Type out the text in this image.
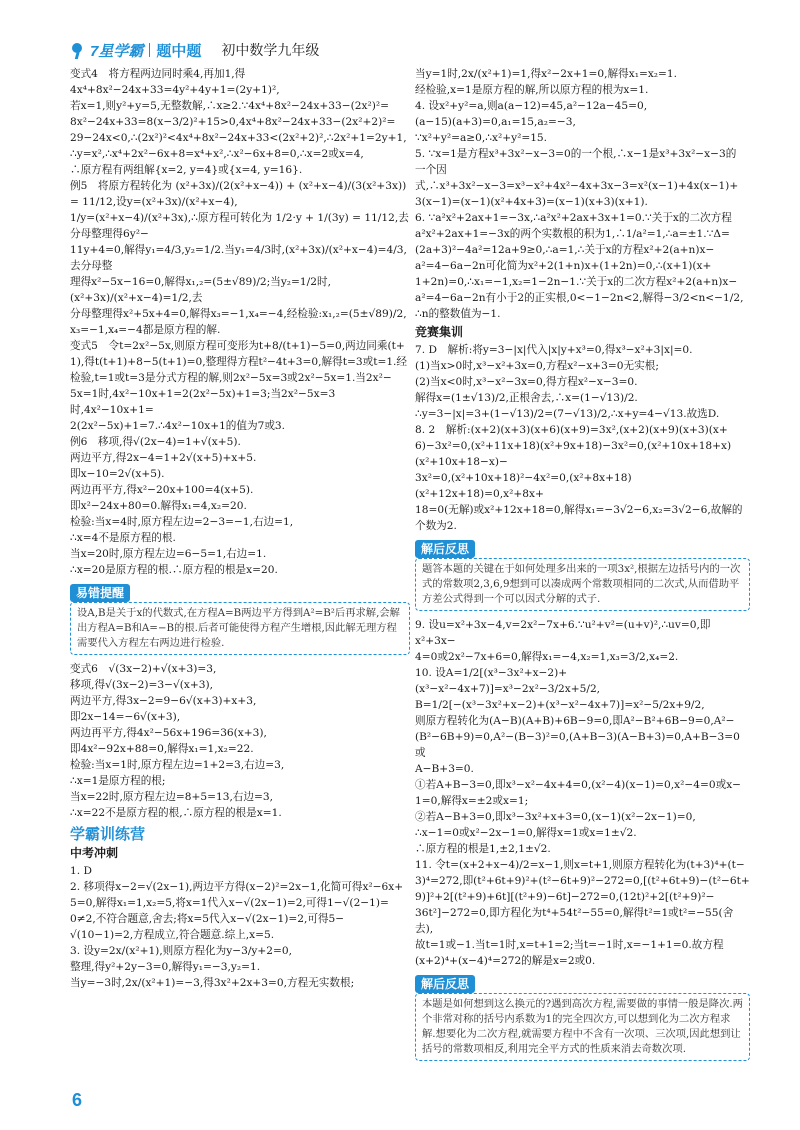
7星学霸 题中题 初中数学九年级

变式4　将方程两边同时乘4,再加1,得

4x⁴+8x²−24x+33=4y²+4y+1=(2y+1)²,

若x=1,则y²+y=5,无整数解,∴x≥2.∵4x⁴+8x²−24x+33−(2x²)²=

8x²−24x+33=8(x−3/2)²+15>0,4x⁴+8x²−24x+33−(2x²+2)²=

29−24x<0,∴(2x²)²<4x⁴+8x²−24x+33<(2x²+2)²,∴2x²+1=2y+1,

∴y=x²,∴x⁴+2x²−6x+8=x⁴+x²,∴x²−6x+8=0,∴x=2或x=4,

∴原方程有两组解{x=2, y=4}或{x=4, y=16}.

例5　将原方程转化为 (x²+3x)/(2(x²+x−4)) + (x²+x−4)/(3(x²+3x)) = 11/12,设y=(x²+3x)/(x²+x−4),

1/y=(x²+x−4)/(x²+3x),∴原方程可转化为 1/2·y + 1/(3y) = 11/12,去分母整理得6y²−

11y+4=0,解得y₁=4/3,y₂=1/2.当y₁=4/3时,(x²+3x)/(x²+x−4)=4/3,去分母整

理得x²−5x−16=0,解得x₁,₂=(5±√89)/2;当y₂=1/2时,(x²+3x)/(x²+x−4)=1/2,去

分母整理得x²+5x+4=0,解得x₃=−1,x₄=−4,经检验:x₁,₂=(5±√89)/2,

x₃=−1,x₄=−4都是原方程的解.

变式5　令t=2x²−5x,则原方程可变形为t+8/(t+1)−5=0,两边同乘(t+

1),得t(t+1)+8−5(t+1)=0,整理得方程t²−4t+3=0,解得t=3或t=1.经

检验,t=1或t=3是分式方程的解,则2x²−5x=3或2x²−5x=1.当2x²−

5x=1时,4x²−10x+1=2(2x²−5x)+1=3;当2x²−5x=3时,4x²−10x+1=

2(2x²−5x)+1=7.∴4x²−10x+1的值为7或3.

例6　移项,得√(2x−4)=1+√(x+5).

两边平方,得2x−4=1+2√(x+5)+x+5.

即x−10=2√(x+5).

两边再平方,得x²−20x+100=4(x+5).

即x²−24x+80=0.解得x₁=4,x₂=20.

检验:当x=4时,原方程左边=2−3=−1,右边=1,

∴x=4不是原方程的根.

当x=20时,原方程左边=6−5=1,右边=1.

∴x=20是原方程的根.∴原方程的根是x=20.

易错提醒
设A,B是关于x的代数式,在方程A=B两边平方得到A²=B²后再求解,会解出方程A=B和A=−B的根.后者可能使得方程产生增根,因此解无理方程需要代入方程左右两边进行检验.

变式6　√(3x−2)+√(x+3)=3,

移项,得√(3x−2)=3−√(x+3),

两边平方,得3x−2=9−6√(x+3)+x+3,

即2x−14=−6√(x+3),

两边再平方,得4x²−56x+196=36(x+3),

即4x²−92x+88=0,解得x₁=1,x₂=22.

检验:当x=1时,原方程左边=1+2=3,右边=3,

∴x=1是原方程的根;

当x=22时,原方程左边=8+5=13,右边=3,

∴x=22不是原方程的根,∴原方程的根是x=1.

学霸训练营
中考冲刺

1. D

2. 移项得x−2=√(2x−1),两边平方得(x−2)²=2x−1,化简可得x²−6x+

5=0,解得x₁=1,x₂=5,将x=1代入x−√(2x−1)=2,可得1−√(2−1)=

0≠2,不符合题意,舍去;将x=5代入x−√(2x−1)=2,可得5−

√(10−1)=2,方程成立,符合题意.综上,x=5.

3. 设y=2x/(x²+1),则原方程化为y−3/y+2=0,

整理,得y²+2y−3=0,解得y₁=−3,y₂=1.

当y=−3时,2x/(x²+1)=−3,得3x²+2x+3=0,方程无实数根;

当y=1时,2x/(x²+1)=1,得x²−2x+1=0,解得x₁=x₂=1.

经检验,x=1是原方程的解,所以原方程的根为x=1.

4. 设x²+y²=a,则a(a−12)=45,a²−12a−45=0,

(a−15)(a+3)=0,a₁=15,a₂=−3,

∵x²+y²=a≥0,∴x²+y²=15.

5. ∵x=1是方程x³+3x²−x−3=0的一个根,∴x−1是x³+3x²−x−3的

一个因式,∴x³+3x²−x−3=x³−x²+4x²−4x+3x−3=x²(x−1)+4x(x−1)+

3(x−1)=(x−1)(x²+4x+3)=(x−1)(x+3)(x+1).

6. ∵a²x²+2ax+1=−3x,∴a²x²+2ax+3x+1=0.∵关于x的二次方程

a²x²+2ax+1=−3x的两个实数根的积为1,∴1/a²=1,∴a=±1.∵Δ=

(2a+3)²−4a²=12a+9≥0,∴a=1,∴关于x的方程x²+2(a+n)x−

a²=4−6a−2n可化简为x²+2(1+n)x+(1+2n)=0,∴(x+1)(x+

1+2n)=0,∴x₁=−1,x₂=1−2n−1.∵关于x的二次方程x²+2(a+n)x−

a²=4−6a−2n有小于2的正实根,0<−1−2n<2,解得−3/2<n<−1/2,

∴n的整数值为−1.

竞赛集训

7. D　解析:将y=3−|x|代入|x|y+x³=0,得x³−x²+3|x|=0.

(1)当x>0时,x³−x²+3x=0,方程x²−x+3=0无实根;

(2)当x<0时,x³−x²−3x=0,得方程x²−x−3=0.

解得x=(1±√13)/2,正根舍去,∴x=(1−√13)/2.

∴y=3−|x|=3+(1−√13)/2=(7−√13)/2,∴x+y=4−√13.故选D.

8. 2　解析:(x+2)(x+3)(x+6)(x+9)=3x²,(x+2)(x+9)(x+3)(x+

6)−3x²=0,(x²+11x+18)(x²+9x+18)−3x²=0,(x²+10x+18+x)(x²+10x+18−x)−

3x²=0,(x²+10x+18)²−4x²=0,(x²+8x+18)(x²+12x+18)=0,x²+8x+

18=0(无解)或x²+12x+18=0,解得x₁=−3√2−6,x₂=3√2−6,故解的

个数为2.

解后反思
题答本题的关键在于如何处理多出来的一项3x²,根据左边括号内的一次式的常数项2,3,6,9想到可以凑成两个常数项相同的二次式,从而借助平方差公式得到一个可以因式分解的式子.

9. 设u=x²+3x−4,v=2x²−7x+6.∵u²+v²=(u+v)²,∴uv=0,即x²+3x−

4=0或2x²−7x+6=0,解得x₁=−4,x₂=1,x₃=3/2,x₄=2.

10. 设A=1/2[(x³−3x²+x−2)+(x³−x²−4x+7)]=x³−2x²−3/2x+5/2,

B=1/2[−(x³−3x²+x−2)+(x³−x²−4x+7)]=x²−5/2x+9/2,

则原方程转化为(A−B)(A+B)+6B−9=0,即A²−B²+6B−9=0,A²−

(B²−6B+9)=0,A²−(B−3)²=0,(A+B−3)(A−B+3)=0,A+B−3=0或

A−B+3=0.

①若A+B−3=0,即x³−x²−4x+4=0,(x²−4)(x−1)=0,x²−4=0或x−

1=0,解得x=±2或x=1;

②若A−B+3=0,即x³−3x²+x+3=0,(x−1)(x²−2x−1)=0,

∴x−1=0或x²−2x−1=0,解得x=1或x=1±√2.

∴原方程的根是1,±2,1±√2.

11. 令t=(x+2+x−4)/2=x−1,则x=t+1,则原方程转化为(t+3)⁴+(t−

3)⁴=272,即(t²+6t+9)²+(t²−6t+9)²−272=0,[(t²+6t+9)−(t²−6t+

9)]²+2[(t²+9)+6t][(t²+9)−6t]−272=0,(12t)²+2[(t²+9)²−

36t²]−272=0,即方程化为t⁴+54t²−55=0,解得t²=1或t²=−55(舍去),

故t=1或−1.当t=1时,x=t+1=2;当t=−1时,x=−1+1=0.故方程

(x+2)⁴+(x−4)⁴=272的解是x=2或0.

解后反思
本题是如何想到这么换元的?遇到高次方程,需要做的事情一般是降次.两个非常对称的括号内系数为1的完全四次方,可以想到化为二次方程求解.想要化为二次方程,就需要方程中不含有一次项、三次项,因此想到让括号的常数项相反,利用完全平方式的性质来消去奇数次项.
6
